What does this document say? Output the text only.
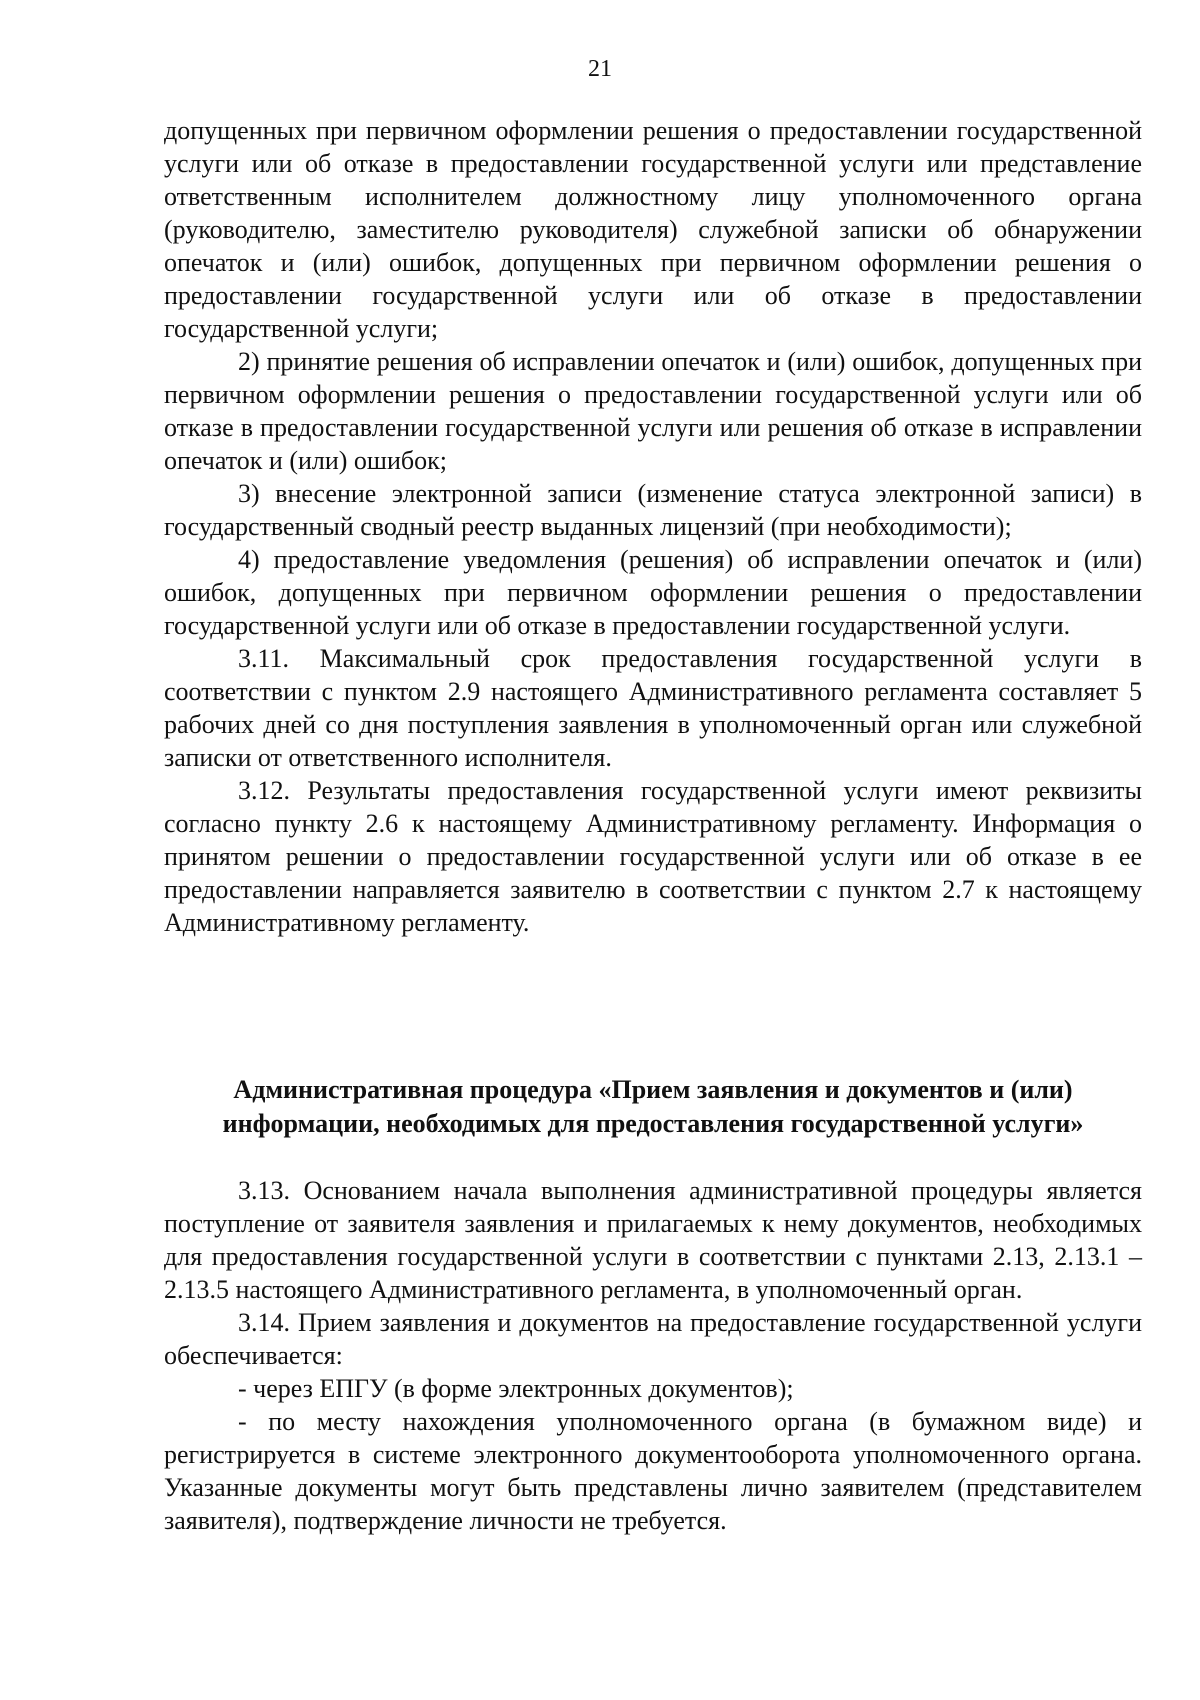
21

допущенных при первичном оформлении решения о предоставлении государственной услуги или об отказе в предоставлении государственной услуги или представление ответственным исполнителем должностному лицу уполномоченного органа (руководителю, заместителю руководителя) служебной записки об обнаружении опечаток и (или) ошибок, допущенных при первичном оформлении решения о предоставлении государственной услуги или об отказе в предоставлении государственной услуги;

2) принятие решения об исправлении опечаток и (или) ошибок, допущенных при первичном оформлении решения о предоставлении государственной услуги или об отказе в предоставлении государственной услуги или решения об отказе в исправлении опечаток и (или) ошибок;

3) внесение электронной записи (изменение статуса электронной записи) в государственный сводный реестр выданных лицензий (при необходимости);

4) предоставление уведомления (решения) об исправлении опечаток и (или) ошибок, допущенных при первичном оформлении решения о предоставлении государственной услуги или об отказе в предоставлении государственной услуги.

3.11. Максимальный срок предоставления государственной услуги в соответствии с пунктом 2.9 настоящего Административного регламента составляет 5 рабочих дней со дня поступления заявления в уполномоченный орган или служебной записки от ответственного исполнителя.

3.12. Результаты предоставления государственной услуги имеют реквизиты согласно пункту 2.6 к настоящему Административному регламенту. Информация о принятом решении о предоставлении государственной услуги или об отказе в ее предоставлении направляется заявителю в соответствии с пунктом 2.7 к настоящему Административному регламенту.

Административная процедура «Прием заявления и документов и (или)
информации, необходимых для предоставления государственной услуги»

3.13. Основанием начала выполнения административной процедуры является поступление от заявителя заявления и прилагаемых к нему документов, необходимых для предоставления государственной услуги в соответствии с пунктами 2.13, 2.13.1 – 2.13.5 настоящего Административного регламента, в уполномоченный орган.

3.14. Прием заявления и документов на предоставление государственной услуги обеспечивается:

- через ЕПГУ (в форме электронных документов);

- по месту нахождения уполномоченного органа (в бумажном виде) и регистрируется в системе электронного документооборота уполномоченного органа. Указанные документы могут быть представлены лично заявителем (представителем заявителя), подтверждение личности не требуется.
